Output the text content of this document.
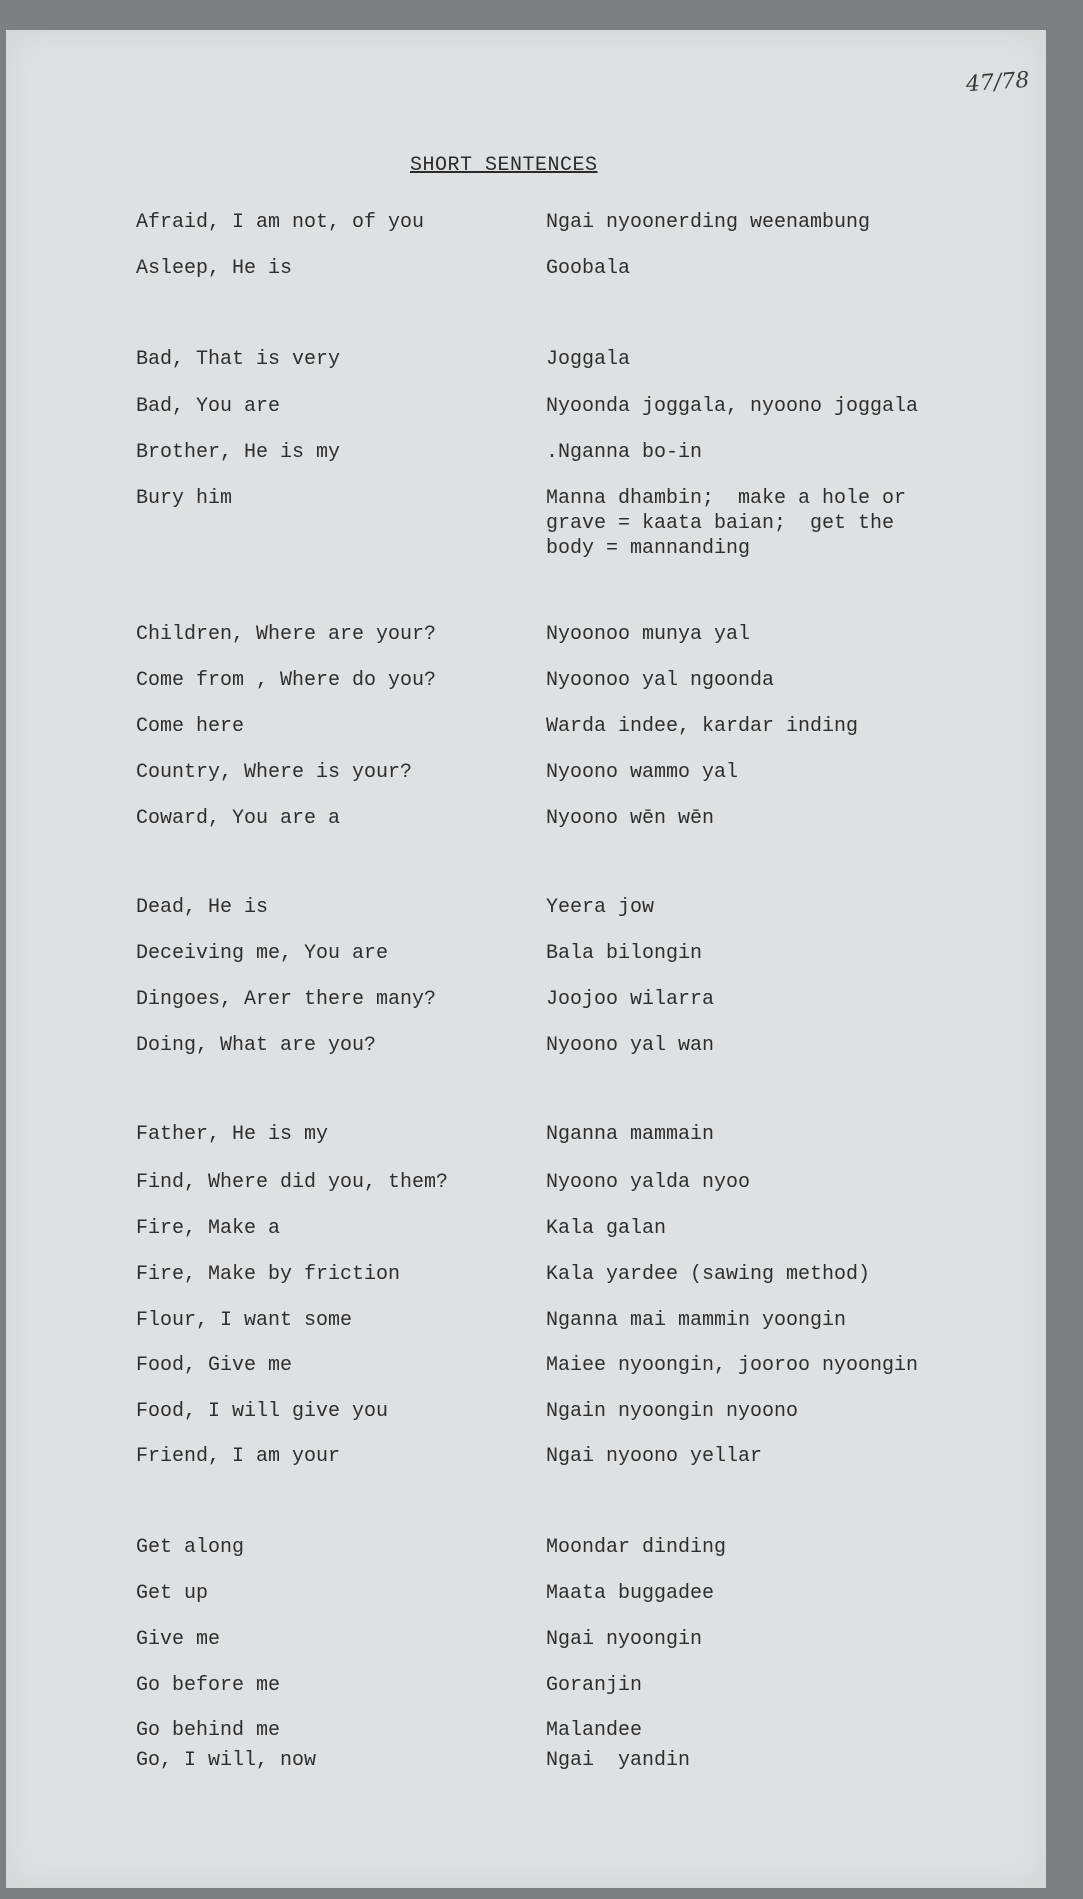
47/78
SHORT SENTENCES
Afraid, I am not, of you	Ngai nyoonerding weenambung
Asleep, He is	Goobala
Bad, That is very	Joggala
Bad, You are	Nyoonda joggala, nyoono joggala
Brother, He is my	.Nganna bo-in
Bury him	Manna dhambin;  make a hole or
grave = kaata baian;  get the
body = mannanding
Children, Where are your?	Nyoonoo munya yal
Come from , Where do you?	Nyoonoo yal ngoonda
Come here	Warda indee, kardar inding
Country, Where is your?	Nyoono wammo yal
Coward, You are a	Nyoono wēn wēn
Dead, He is	Yeera jow
Deceiving me, You are	Bala bilongin
Dingoes, Arer there many?	Joojoo wilarra
Doing, What are you?	Nyoono yal wan
Father, He is my	Nganna mammain
Find, Where did you, them?	Nyoono yalda nyoo
Fire, Make a	Kala galan
Fire, Make by friction	Kala yardee (sawing method)
Flour, I want some	Nganna mai mammin yoongin
Food, Give me	Maiee nyoongin, jooroo nyoongin
Food, I will give you	Ngain nyoongin nyoono
Friend, I am your	Ngai nyoono yellar
Get along	Moondar dinding
Get up	Maata buggadee
Give me	Ngai nyoongin
Go before me	Goranjin
Go behind me	Malandee
Go, I will, now	Ngai  yandin
